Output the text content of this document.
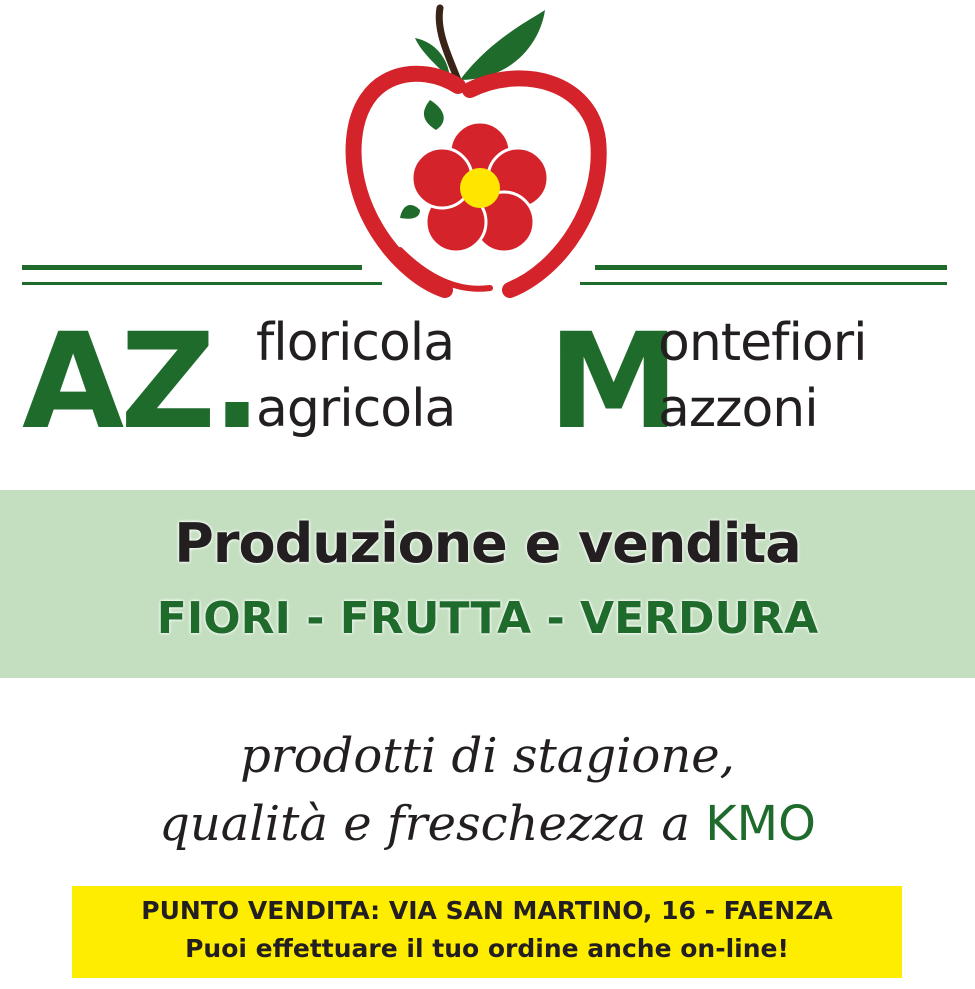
AZ.
floricola
agricola M
ontefiori
azzoni
Produzione e vendita
FIORI - FRUTTA - VERDURA
prodotti di stagione,
qualità e freschezza a KMO
PUNTO VENDITA: VIA SAN MARTINO, 16 - FAENZA
Puoi effettuare il tuo ordine anche on-line!
